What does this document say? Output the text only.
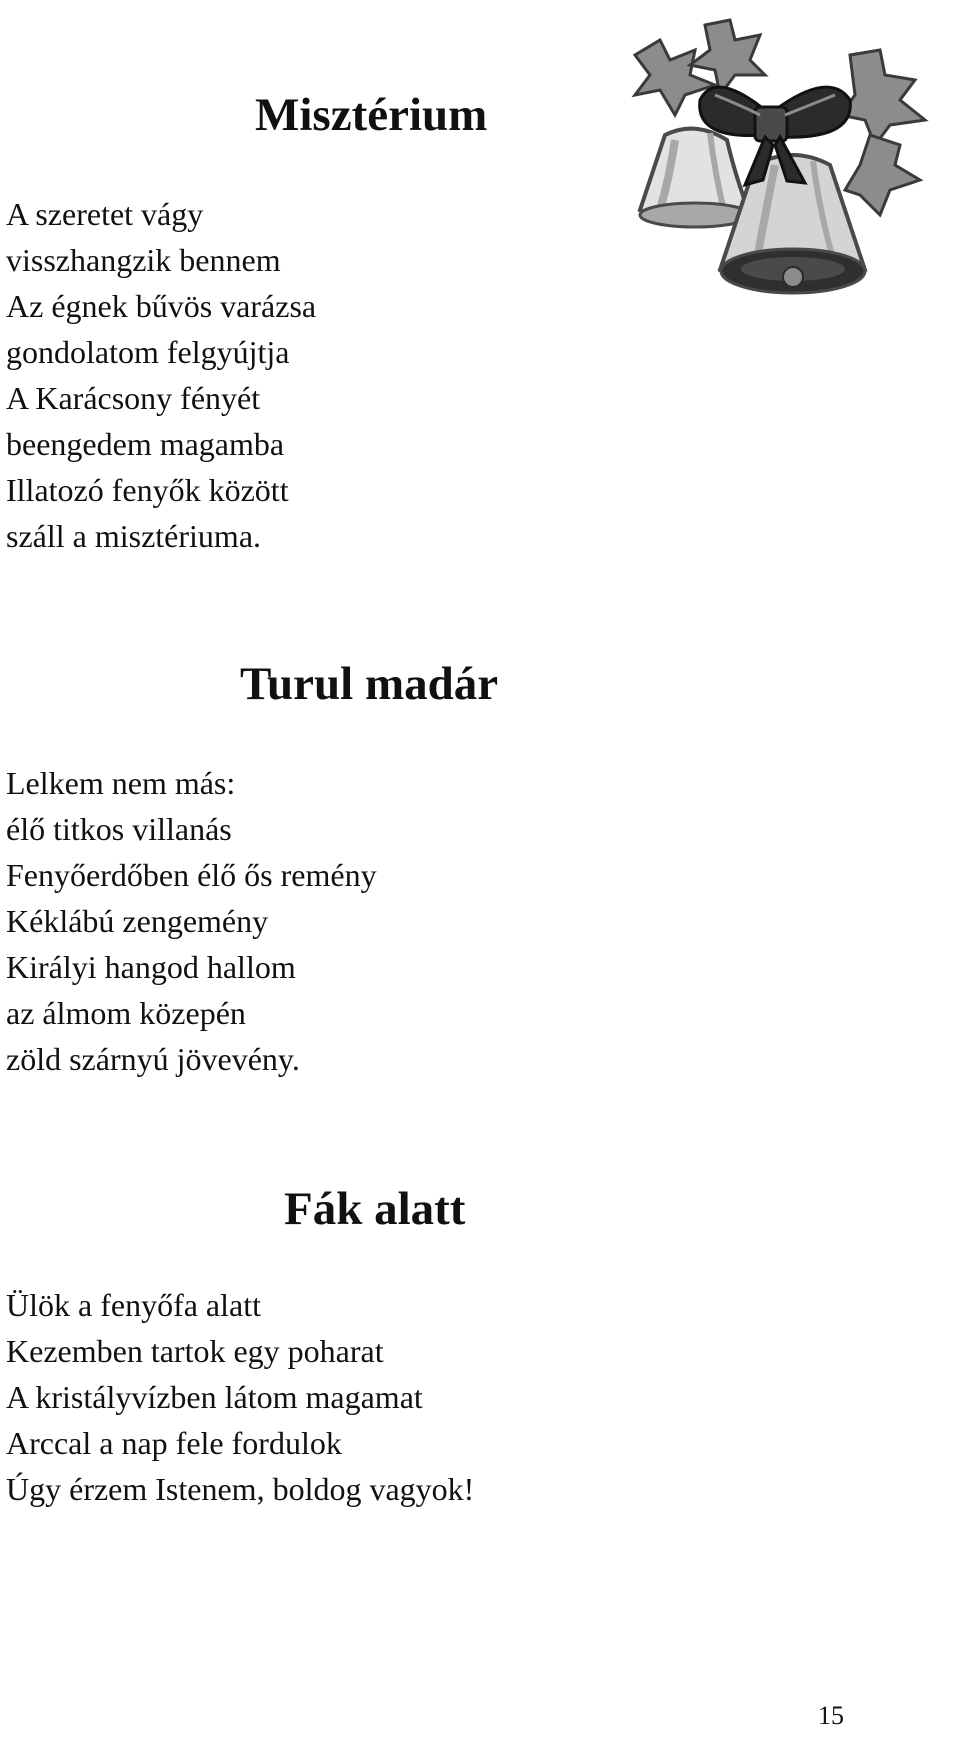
Misztérium
A szeretet vágy
visszhangzik bennem
Az égnek bűvös varázsa
gondolatom felgyújtja
A Karácsony fényét
beengedem magamba
Illatozó fenyők között
száll a misztériuma.
Turul madár
Lelkem nem más:
élő titkos villanás
Fenyőerdőben élő ős remény
Kéklábú zengemény
Királyi hangod hallom
az álmom közepén
zöld szárnyú jövevény.
Fák alatt
Ülök a fenyőfa alatt
Kezemben tartok egy poharat
A kristályvízben látom magamat
Arccal a nap fele fordulok
Úgy érzem Istenem, boldog vagyok!
15
